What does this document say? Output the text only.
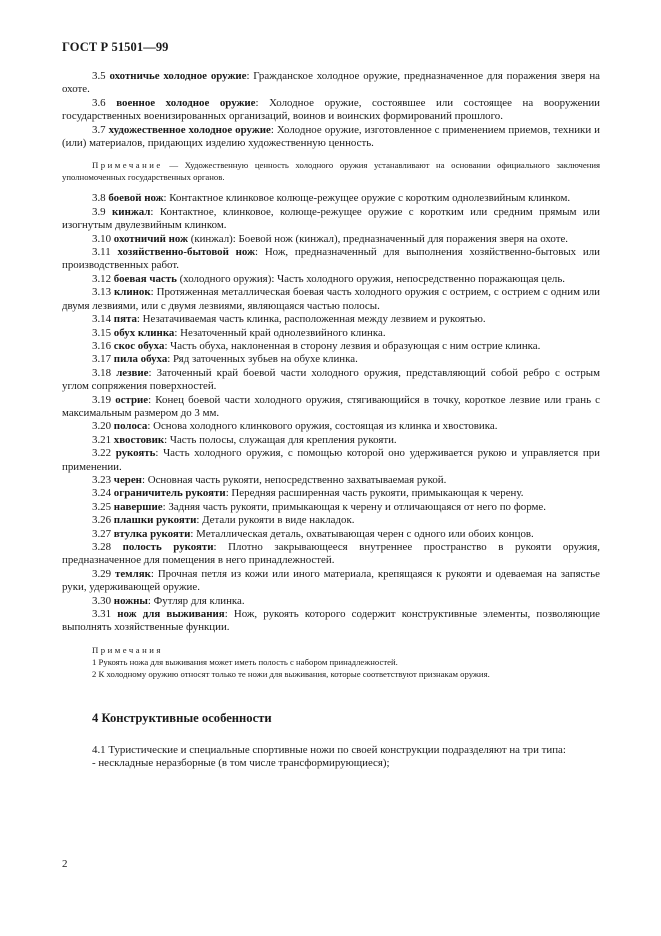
ГОСТ Р 51501—99

3.5 охотничье холодное оружие: Гражданское холодное оружие, предназначенное для поражения зверя на охоте.

3.6 военное холодное оружие: Холодное оружие, состоявшее или состоящее на вооружении государственных военизированных организаций, воинов и воинских формирований прошлого.

3.7 художественное холодное оружие: Холодное оружие, изготовленное с применением приемов, техники и (или) материалов, придающих изделию художественную ценность.

Примечание — Художественную ценность холодного оружия устанавливают на основании официального заключения уполномоченных государственных органов.

3.8 боевой нож: Контактное клинковое колюще-режущее оружие с коротким однолезвийным клинком.

3.9 кинжал: Контактное, клинковое, колюще-режущее оружие с коротким или средним прямым или изогнутым двулезвийным клинком.

3.10 охотничий нож (кинжал): Боевой нож (кинжал), предназначенный для поражения зверя на охоте.

3.11 хозяйственно-бытовой нож: Нож, предназначенный для выполнения хозяйственно-бытовых или производственных работ.

3.12 боевая часть (холодного оружия): Часть холодного оружия, непосредственно поражающая цель.

3.13 клинок: Протяженная металлическая боевая часть холодного оружия с острием, с острием с одним или двумя лезвиями, или с двумя лезвиями, являющаяся частью полосы.

3.14 пята: Незатачиваемая часть клинка, расположенная между лезвием и рукоятью.

3.15 обух клинка: Незаточенный край однолезвийного клинка.

3.16 скос обуха: Часть обуха, наклоненная в сторону лезвия и образующая с ним острие клинка.

3.17 пила обуха: Ряд заточенных зубьев на обухе клинка.

3.18 лезвие: Заточенный край боевой части холодного оружия, представляющий собой ребро с острым углом сопряжения поверхностей.

3.19 острие: Конец боевой части холодного оружия, стягивающийся в точку, короткое лезвие или грань с максимальным размером до 3 мм.

3.20 полоса: Основа холодного клинкового оружия, состоящая из клинка и хвостовика.

3.21 хвостовик: Часть полосы, служащая для крепления рукояти.

3.22 рукоять: Часть холодного оружия, с помощью которой оно удерживается рукою и управляется при применении.

3.23 черен: Основная часть рукояти, непосредственно захватываемая рукой.

3.24 ограничитель рукояти: Передняя расширенная часть рукояти, примыкающая к черену.

3.25 навершие: Задняя часть рукояти, примыкающая к черену и отличающаяся от него по форме.

3.26 плашки рукояти: Детали рукояти в виде накладок.

3.27 втулка рукояти: Металлическая деталь, охватывающая черен с одного или обоих концов.

3.28 полость рукояти: Плотно закрывающееся внутреннее пространство в рукояти оружия, предназначенное для помещения в него принадлежностей.

3.29 темляк: Прочная петля из кожи или иного материала, крепящаяся к рукояти и одеваемая на запястье руки, удерживающей оружие.

3.30 ножны: Футляр для клинка.

3.31 нож для выживания: Нож, рукоять которого содержит конструктивные элементы, позволяющие выполнять хозяйственные функции.

Примечания

1 Рукоять ножа для выживания может иметь полость с набором принадлежностей.

2 К холодному оружию относят только те ножи для выживания, которые соответствуют признакам оружия.

4 Конструктивные особенности

4.1 Туристические и специальные спортивные ножи по своей конструкции подразделяют на три типа:

- нескладные неразборные (в том числе трансформирующиеся);

2
